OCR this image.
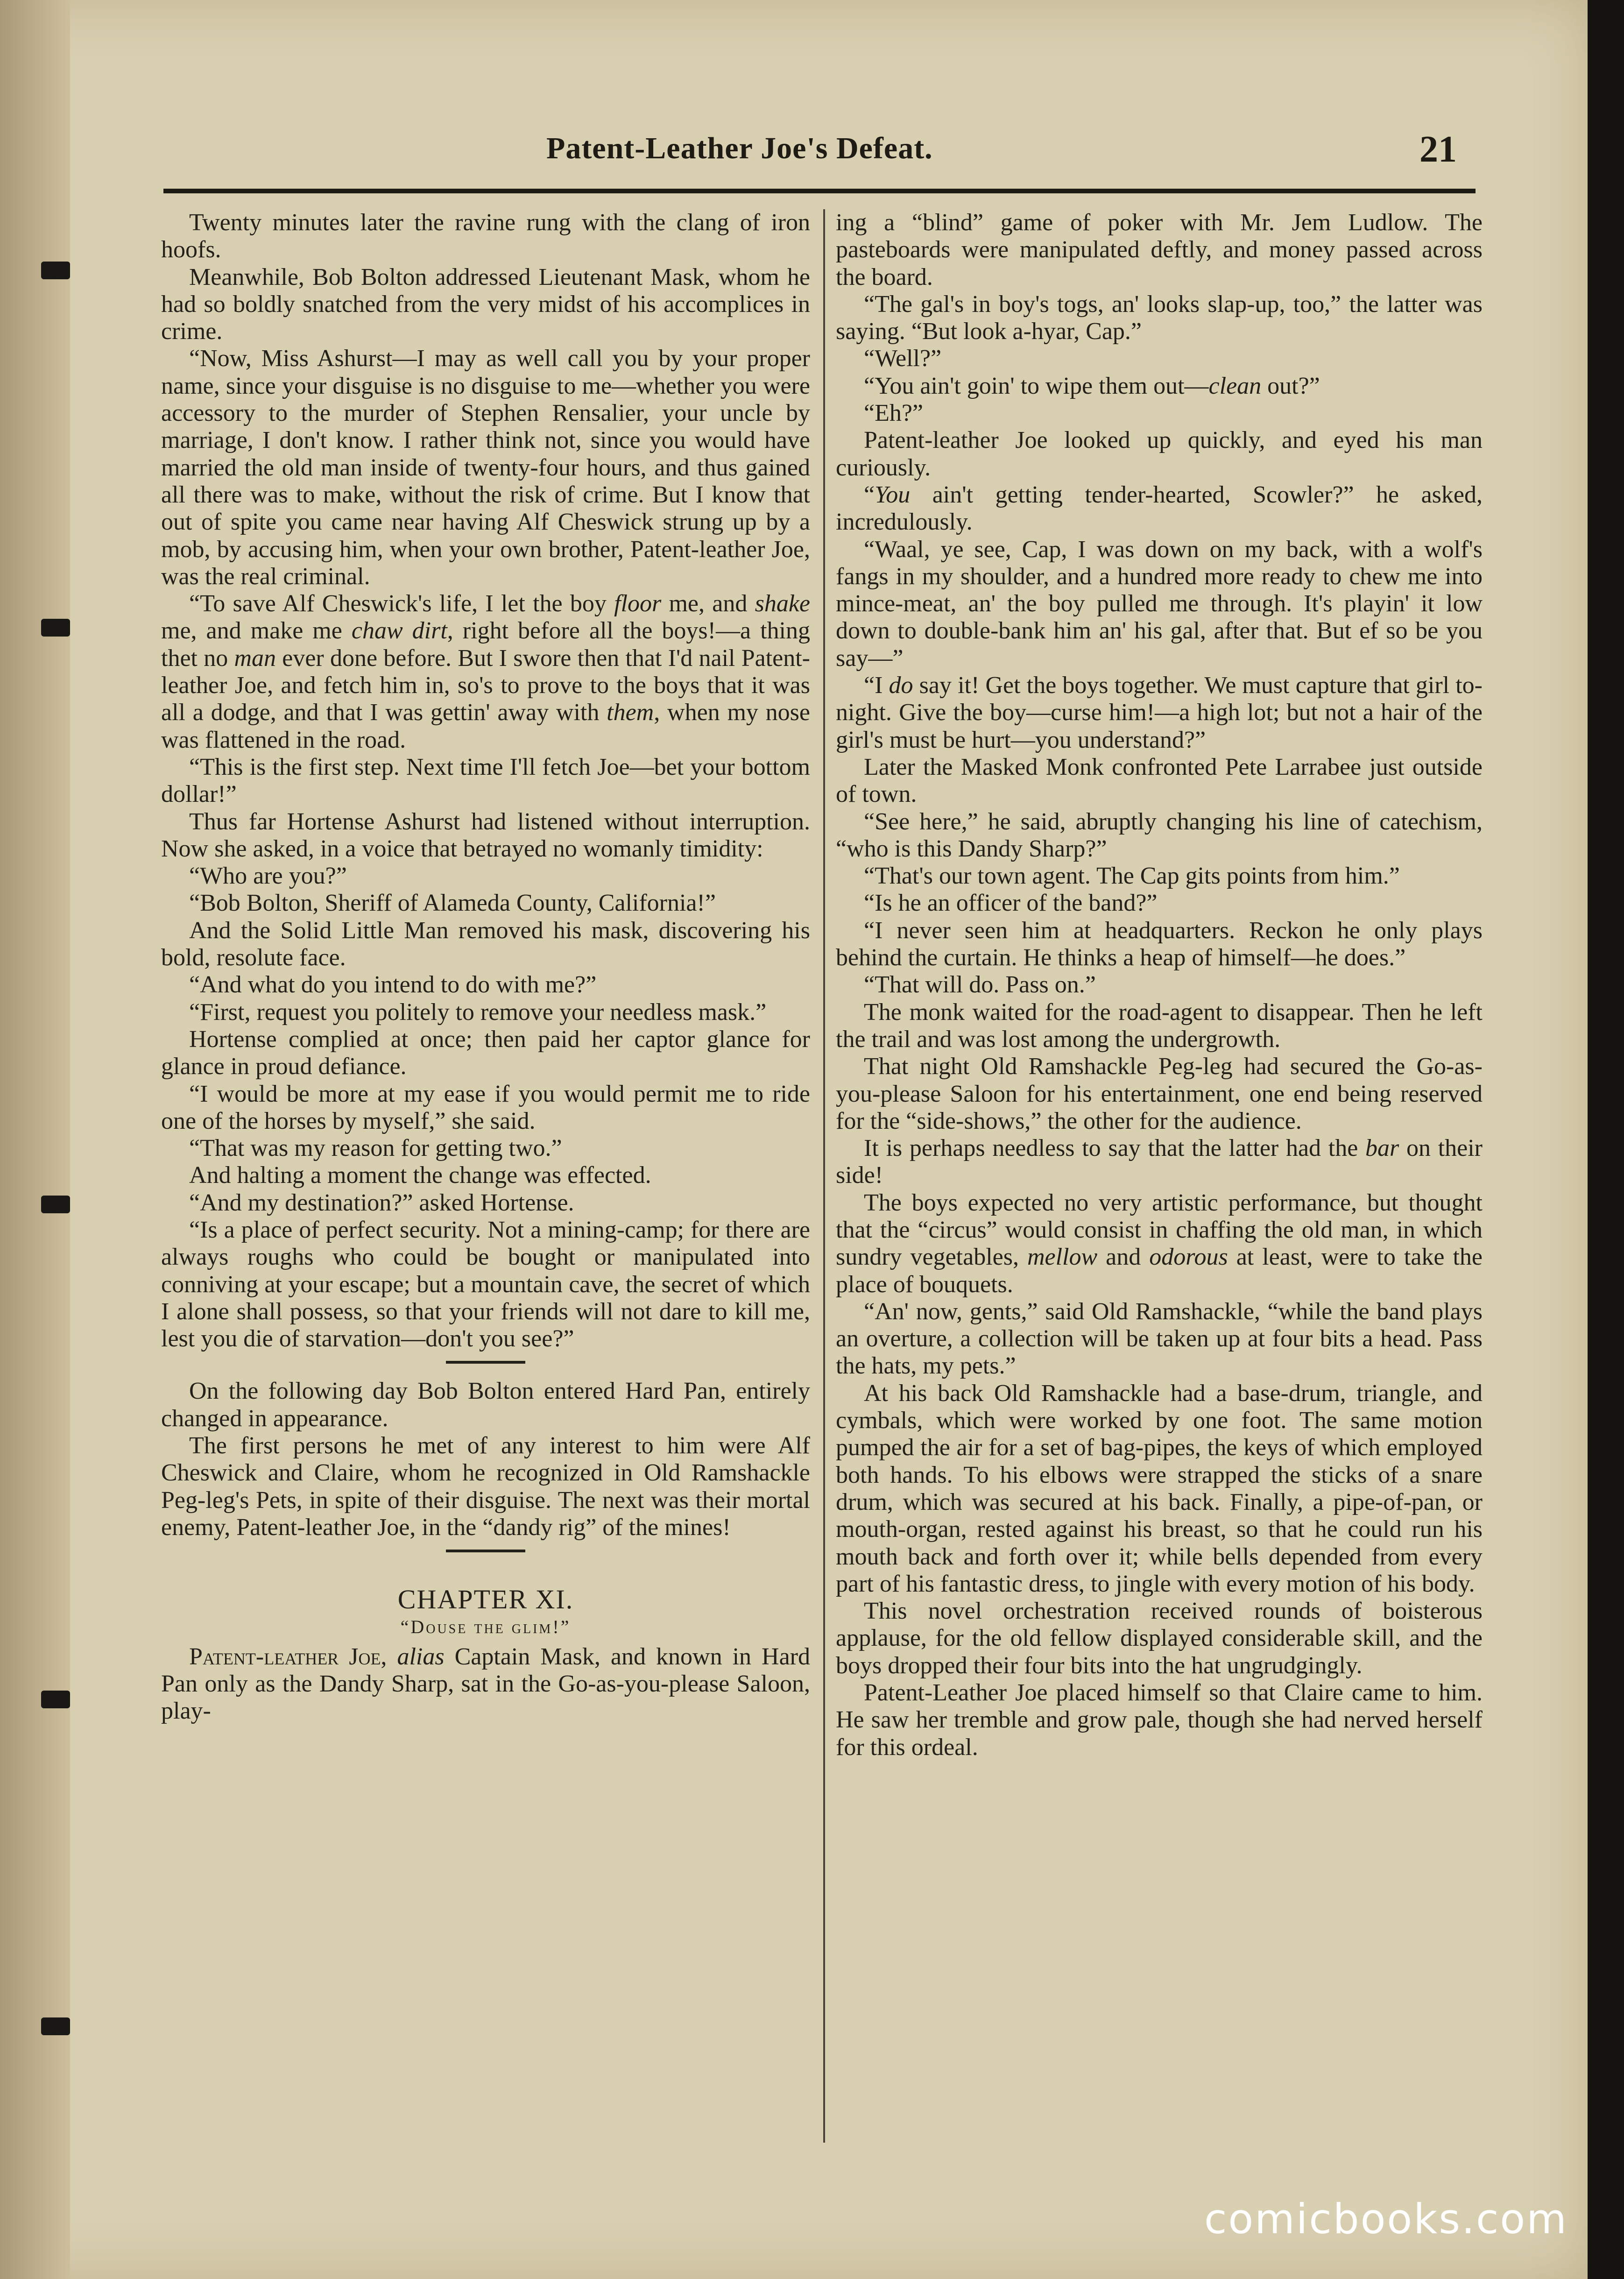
Patent-Leather Joe's Defeat.	21

Twenty minutes later the ravine rung with the clang of iron hoofs.

Meanwhile, Bob Bolton addressed Lieutenant Mask, whom he had so boldly snatched from the very midst of his accomplices in crime.

“Now, Miss Ashurst—I may as well call you by your proper name, since your disguise is no disguise to me—whether you were accessory to the murder of Stephen Rensalier, your uncle by marriage, I don't know. I rather think not, since you would have married the old man inside of twenty-four hours, and thus gained all there was to make, without the risk of crime. But I know that out of spite you came near having Alf Cheswick strung up by a mob, by accusing him, when your own brother, Patent-leather Joe, was the real criminal.

“To save Alf Cheswick's life, I let the boy floor me, and shake me, and make me chaw dirt, right before all the boys!—a thing thet no man ever done before. But I swore then that I'd nail Patent-leather Joe, and fetch him in, so's to prove to the boys that it was all a dodge, and that I was gettin' away with them, when my nose was flattened in the road.

“This is the first step. Next time I'll fetch Joe—bet your bottom dollar!”

Thus far Hortense Ashurst had listened without interruption. Now she asked, in a voice that betrayed no womanly timidity:

“Who are you?”

“Bob Bolton, Sheriff of Alameda County, California!”

And the Solid Little Man removed his mask, discovering his bold, resolute face.

“And what do you intend to do with me?”

“First, request you politely to remove your needless mask.”

Hortense complied at once; then paid her captor glance for glance in proud defiance.

“I would be more at my ease if you would permit me to ride one of the horses by myself,” she said.

“That was my reason for getting two.”

And halting a moment the change was effected.

“And my destination?” asked Hortense.

“Is a place of perfect security. Not a mining-camp; for there are always roughs who could be bought or manipulated into conniving at your escape; but a mountain cave, the secret of which I alone shall possess, so that your friends will not dare to kill me, lest you die of starvation—don't you see?”

On the following day Bob Bolton entered Hard Pan, entirely changed in appearance.

The first persons he met of any interest to him were Alf Cheswick and Claire, whom he recognized in Old Ramshackle Peg-leg's Pets, in spite of their disguise. The next was their mortal enemy, Patent-leather Joe, in the “dandy rig” of the mines!

CHAPTER XI.
“Douse the glim!”

Patent-leather Joe, alias Captain Mask, and known in Hard Pan only as the Dandy Sharp, sat in the Go-as-you-please Saloon, play-

ing a “blind” game of poker with Mr. Jem Ludlow. The pasteboards were manipulated deftly, and money passed across the board.

“The gal's in boy's togs, an' looks slap-up, too,” the latter was saying. “But look a-hyar, Cap.”

“Well?”

“You ain't goin' to wipe them out—clean out?”

“Eh?”

Patent-leather Joe looked up quickly, and eyed his man curiously.

“You ain't getting tender-hearted, Scowler?” he asked, incredulously.

“Waal, ye see, Cap, I was down on my back, with a wolf's fangs in my shoulder, and a hundred more ready to chew me into mince-meat, an' the boy pulled me through. It's playin' it low down to double-bank him an' his gal, after that. But ef so be you say—”

“I do say it! Get the boys together. We must capture that girl to-night. Give the boy—curse him!—a high lot; but not a hair of the girl's must be hurt—you understand?”

Later the Masked Monk confronted Pete Larrabee just outside of town.

“See here,” he said, abruptly changing his line of catechism, “who is this Dandy Sharp?”

“That's our town agent. The Cap gits points from him.”

“Is he an officer of the band?”

“I never seen him at headquarters. Reckon he only plays behind the curtain. He thinks a heap of himself—he does.”

“That will do. Pass on.”

The monk waited for the road-agent to disappear. Then he left the trail and was lost among the undergrowth.

That night Old Ramshackle Peg-leg had secured the Go-as-you-please Saloon for his entertainment, one end being reserved for the “side-shows,” the other for the audience.

It is perhaps needless to say that the latter had the bar on their side!

The boys expected no very artistic performance, but thought that the “circus” would consist in chaffing the old man, in which sundry vegetables, mellow and odorous at least, were to take the place of bouquets.

“An' now, gents,” said Old Ramshackle, “while the band plays an overture, a collection will be taken up at four bits a head. Pass the hats, my pets.”

At his back Old Ramshackle had a base-drum, triangle, and cymbals, which were worked by one foot. The same motion pumped the air for a set of bag-pipes, the keys of which employed both hands. To his elbows were strapped the sticks of a snare drum, which was secured at his back. Finally, a pipe-of-pan, or mouth-organ, rested against his breast, so that he could run his mouth back and forth over it; while bells depended from every part of his fantastic dress, to jingle with every motion of his body.

This novel orchestration received rounds of boisterous applause, for the old fellow displayed considerable skill, and the boys dropped their four bits into the hat ungrudgingly.

Patent-Leather Joe placed himself so that Claire came to him. He saw her tremble and grow pale, though she had nerved herself for this ordeal.

comicbooks.com
